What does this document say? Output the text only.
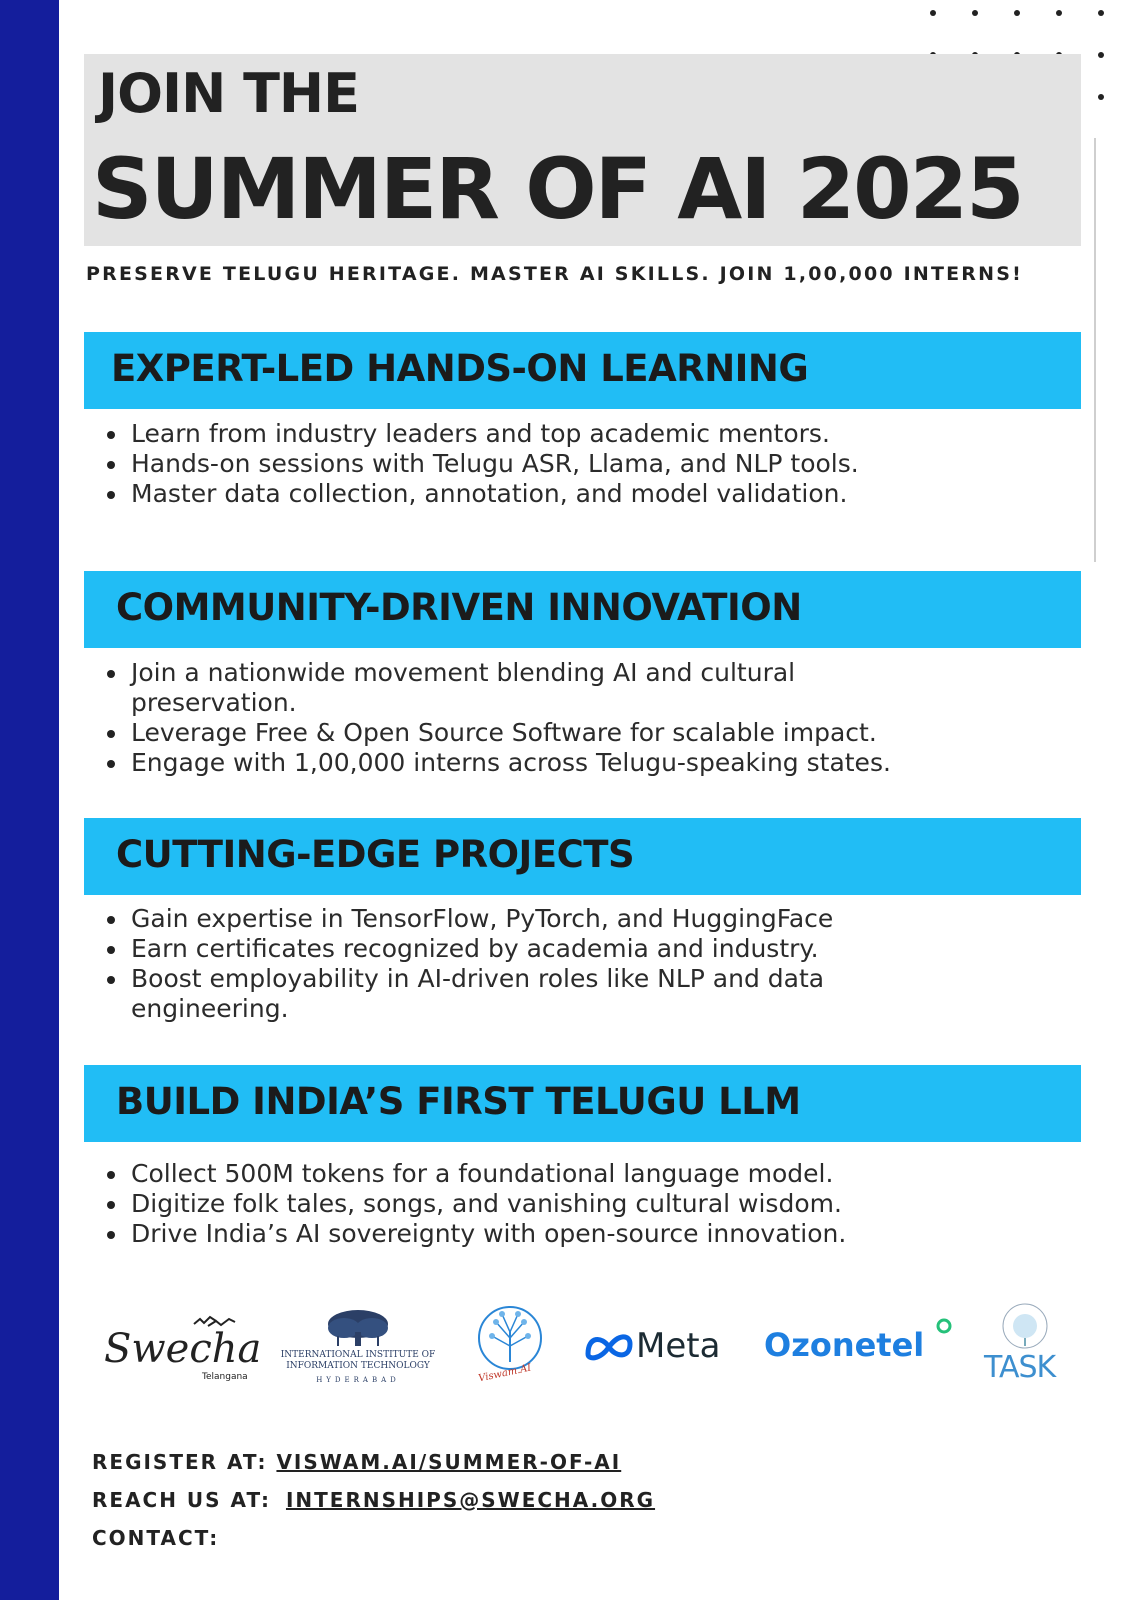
JOIN THE
SUMMER OF AI 2025
PRESERVE TELUGU HERITAGE. MASTER AI SKILLS. JOIN 1,00,000 INTERNS!
EXPERT-LED HANDS-ON LEARNING
Learn from industry leaders and top academic mentors.
Hands-on sessions with Telugu ASR, Llama, and NLP tools.
Master data collection, annotation, and model validation.
COMMUNITY-DRIVEN INNOVATION
Join a nationwide movement blending AI and cultural preservation.
Leverage Free & Open Source Software for scalable impact.
Engage with 1,00,000 interns across Telugu-speaking states.
CUTTING-EDGE PROJECTS
Gain expertise in TensorFlow, PyTorch, and HuggingFace
Earn certificates recognized by academia and industry.
Boost employability in AI-driven roles like NLP and data engineering.
BUILD INDIA’S FIRST TELUGU LLM
Collect 500M tokens for a foundational language model.
Digitize folk tales, songs, and vanishing cultural wisdom.
Drive India’s AI sovereignty with open-source innovation.
Swecha
Telangana
INTERNATIONAL INSTITUTE OF
INFORMATION TECHNOLOGY
HYDERABAD	Viswam.AI
Meta Ozonetel
TASK
REGISTER AT: VISWAM.AI/SUMMER-OF-AI
REACH US AT: INTERNSHIPS@SWECHA.ORG
CONTACT:
